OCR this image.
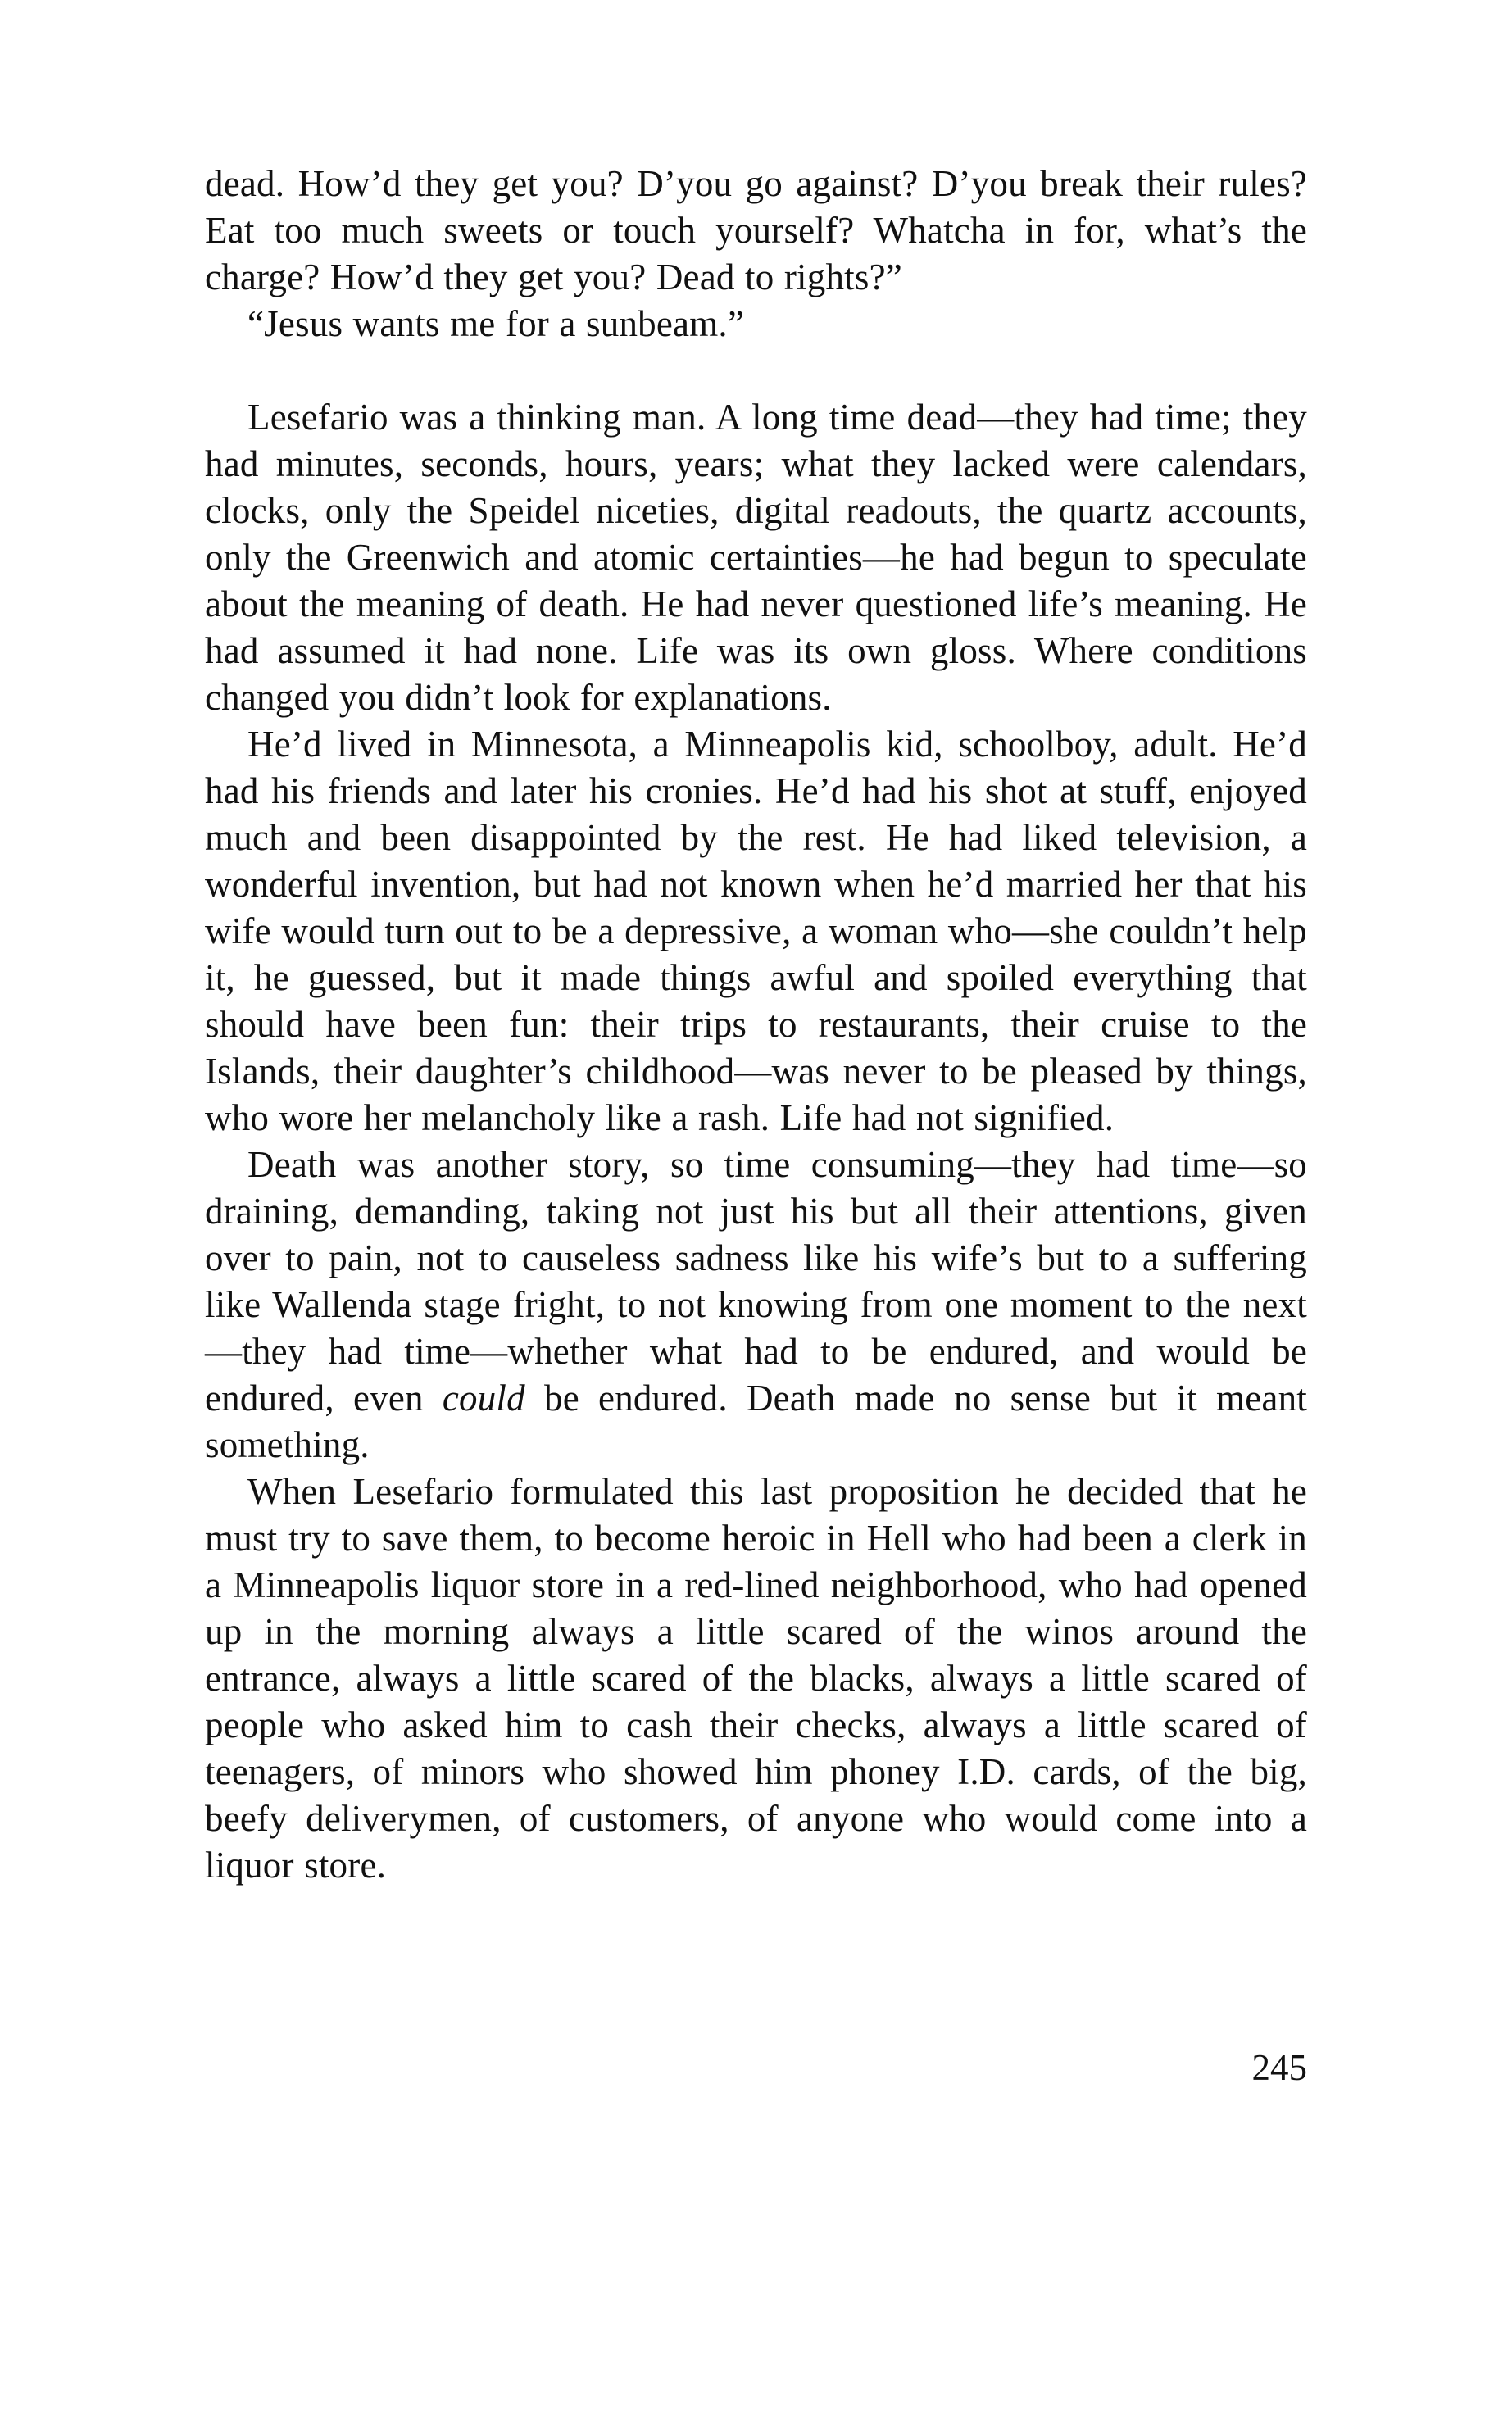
dead. How’d they get you? D’you go against? D’you break their rules? Eat too much sweets or touch yourself? Whatcha in for, what’s the charge? How’d they get you? Dead to rights?”

“Jesus wants me for a sunbeam.”

Lesefario was a thinking man. A long time dead—they had time; they had minutes, seconds, hours, years; what they lacked were calendars, clocks, only the Speidel niceties, digital readouts, the quartz accounts, only the Greenwich and atomic certainties—he had begun to speculate about the meaning of death. He had never questioned life’s meaning. He had assumed it had none. Life was its own gloss. Where conditions changed you didn’t look for explanations.

He’d lived in Minnesota, a Minneapolis kid, schoolboy, adult. He’d had his friends and later his cronies. He’d had his shot at stuff, enjoyed much and been disappointed by the rest. He had liked television, a wonderful invention, but had not known when he’d married her that his wife would turn out to be a depressive, a woman who—she couldn’t help it, he guessed, but it made things awful and spoiled everything that should have been fun: their trips to restaurants, their cruise to the Islands, their daughter’s childhood—was never to be pleased by things, who wore her melancholy like a rash. Life had not signified.

Death was another story, so time consuming—they had time—so draining, demanding, taking not just his but all their attentions, given over to pain, not to causeless sadness like his wife’s but to a suffering like Wallenda stage fright, to not knowing from one moment to the next—they had time—whether what had to be endured, and would be endured, even could be endured. Death made no sense but it meant something.

When Lesefario formulated this last proposition he decided that he must try to save them, to become heroic in Hell who had been a clerk in a Minneapolis liquor store in a red-lined neighborhood, who had opened up in the morning always a little scared of the winos around the entrance, always a little scared of the blacks, always a little scared of people who asked him to cash their checks, always a little scared of teenagers, of minors who showed him phoney I.D. cards, of the big, beefy deliverymen, of customers, of anyone who would come into a liquor store.

245
